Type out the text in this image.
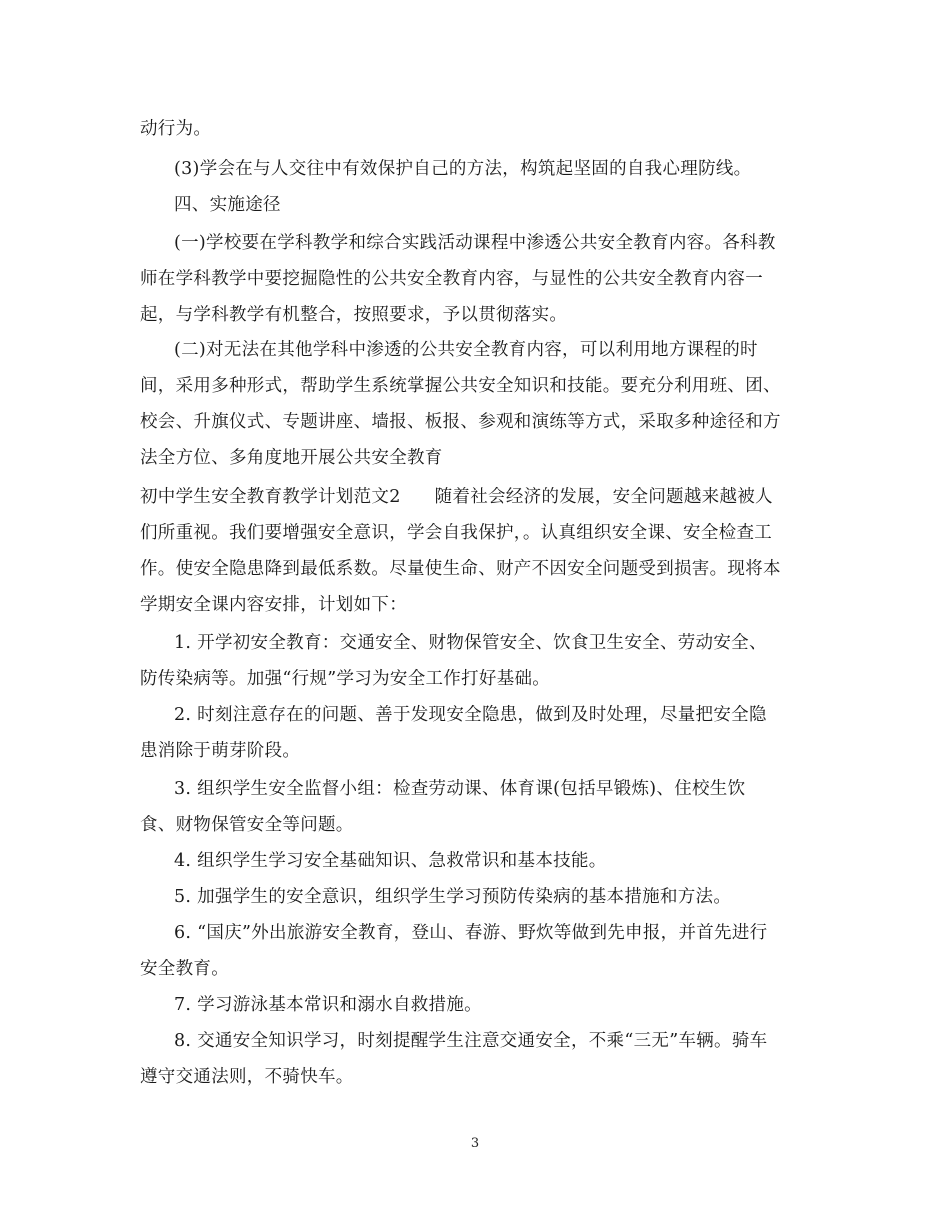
动行为。
(3)学会在与人交往中有效保护自己的方法，构筑起坚固的自我心理防线。
四、实施途径
(一)学校要在学科教学和综合实践活动课程中渗透公共安全教育内容。各科教
师在学科教学中要挖掘隐性的公共安全教育内容，与显性的公共安全教育内容一
起，与学科教学有机整合，按照要求，予以贯彻落实。
(二)对无法在其他学科中渗透的公共安全教育内容，可以利用地方课程的时
间，采用多种形式，帮助学生系统掌握公共安全知识和技能。要充分利用班、团、
校会、升旗仪式、专题讲座、墙报、板报、参观和演练等方式，采取多种途径和方
法全方位、多角度地开展公共安全教育
初中学生安全教育教学计划范文2 随着社会经济的发展，安全问题越来越被人
们所重视。我们要增强安全意识，学会自我保护，。认真组织安全课、安全检查工
作。使安全隐患降到最低系数。尽量使生命、财产不因安全问题受到损害。现将本
学期安全课内容安排，计划如下：
1. 开学初安全教育：交通安全、财物保管安全、饮食卫生安全、劳动安全、
防传染病等。加强“行规”学习为安全工作打好基础。
2. 时刻注意存在的问题、善于发现安全隐患，做到及时处理，尽量把安全隐
患消除于萌芽阶段。
3. 组织学生安全监督小组：检查劳动课、体育课(包括早锻炼)、住校生饮
食、财物保管安全等问题。
4. 组织学生学习安全基础知识、急救常识和基本技能。
5. 加强学生的安全意识，组织学生学习预防传染病的基本措施和方法。
6. “国庆”外出旅游安全教育，登山、春游、野炊等做到先申报，并首先进行
安全教育。
7. 学习游泳基本常识和溺水自救措施。
8. 交通安全知识学习，时刻提醒学生注意交通安全，不乘“三无”车辆。骑车
遵守交通法则，不骑快车。
3
